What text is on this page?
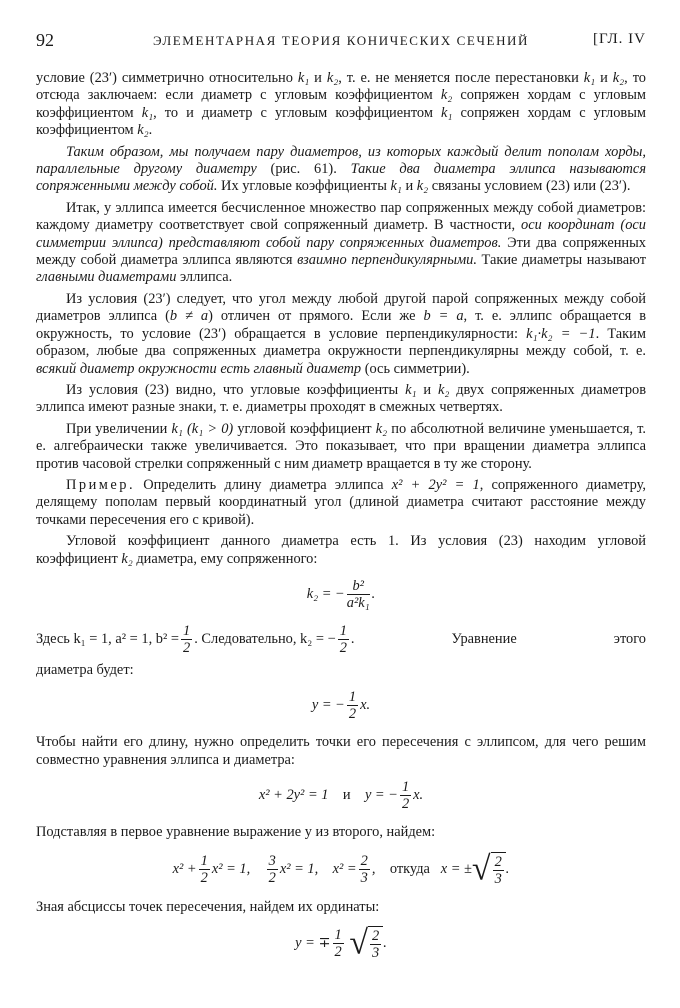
92	ЭЛЕМЕНТАРНАЯ ТЕОРИЯ КОНИЧЕСКИХ СЕЧЕНИЙ	[ГЛ. IV

условие (23′) симметрично относительно k₁ и k₂, т. е. не меняется после перестановки k₁ и k₂, то отсюда заключаем: если диаметр с угловым коэффициентом k₂ сопряжен хордам с угловым коэффициентом k₁, то и диаметр с угловым коэффициентом k₁ сопряжен хордам с угловым коэффициентом k₂.

Таким образом, мы получаем пару диаметров, из которых каждый делит пополам хорды, параллельные другому диаметру (рис. 61). Такие два диаметра эллипса называются сопряженными между собой. Их угловые коэффициенты k₁ и k₂ связаны условием (23) или (23′).

Итак, у эллипса имеется бесчисленное множество пар сопряженных между собой диаметров: каждому диаметру соответствует свой сопряженный диаметр. В частности, оси координат (оси симметрии эллипса) представляют собой пару сопряженных диаметров. Эти два сопряженных между собой диаметра эллипса являются взаимно перпендикулярными. Такие диаметры называют главными диаметрами эллипса.

Из условия (23′) следует, что угол между любой другой парой сопряженных между собой диаметров эллипса (b ≠ a) отличен от прямого. Если же b = a, т. е. эллипс обращается в окружность, то условие (23′) обращается в условие перпендикулярности: k₁·k₂ = −1. Таким образом, любые два сопряженных диаметра окружности перпендикулярны между собой, т. е. всякий диаметр окружности есть главный диаметр (ось симметрии).

Из условия (23) видно, что угловые коэффициенты k₁ и k₂ двух сопряженных диаметров эллипса имеют разные знаки, т. е. диаметры проходят в смежных четвертях.

При увеличении k₁ (k₁ > 0) угловой коэффициент k₂ по абсолютной величине уменьшается, т. е. алгебраически также увеличивается. Это показывает, что при вращении диаметра эллипса против часовой стрелки сопряженный с ним диаметр вращается в ту же сторону.

Пример. Определить длину диаметра эллипса x² + 2y² = 1, сопряженного диаметру, делящему пополам первый координатный угол (длиной диаметра считают расстояние между точками пересечения его с кривой).

Угловой коэффициент данного диаметра есть 1. Из условия (23) находим угловой коэффициент k₂ диаметра, ему сопряженного:

k₂ = − $\frac{\text{b²}}{\text{a²k₁}}$ .
Здесь k₁ = 1, a² = 1, $b^2 = \frac{1}{2}$ . Следовательно, k₂ = − $\frac{1}{2}$ .	Уравнение	этого

диаметра будет:

y = − $\frac{1}{2} x$.

Чтобы найти его длину, нужно определить точки его пересечения с эллипсом, для чего решим совместно уравнения эллипса и диаметра:

x² + 2y² = 1 и y = − $\frac{1}{2} x$.

Подставляя в первое уравнение выражение y из второго, найдем:

$x^2 + \frac{1}{2} x^2 = 1$, $\frac{3}{2} x^2 = 1$, $x^2 = \frac{2}{3}$ , откуда x = ±√ $\frac{2}{3}$ .

Зная абсциссы точек пересечения, найдем их ординаты:

y = ∓ $\frac{1}{2}$ √ $\frac{2}{3}$ .
